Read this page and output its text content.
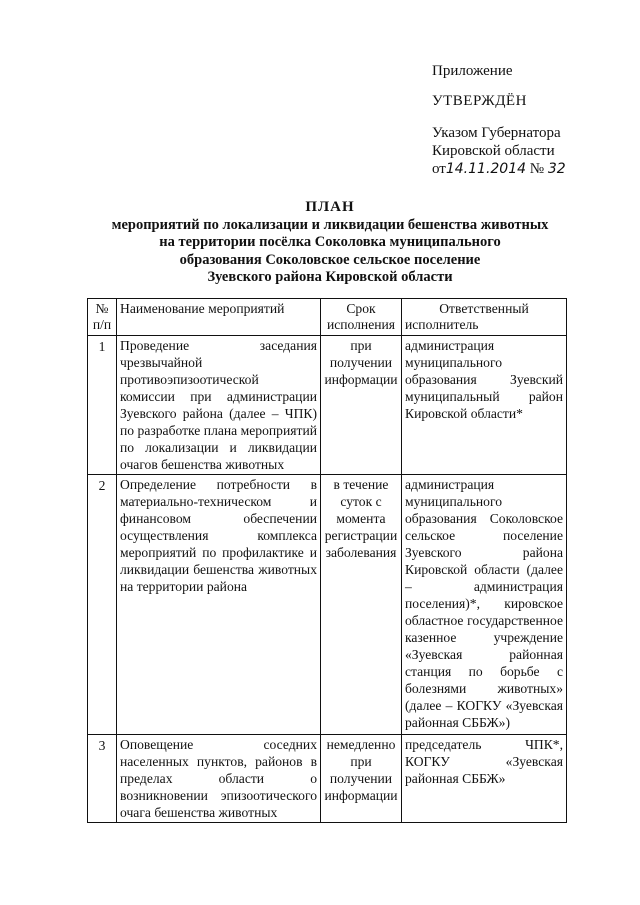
Приложение
УТВЕРЖДЁН
Указом Губернатора
Кировской области
от14.11.2014 № 32
ПЛАН
мероприятий по локализации и ликвидации бешенства животных
на территории посёлка Соколовка муниципального
образования Соколовское сельское поселение
Зуевского района Кировской области
№ п/п	Наименование мероприятий	Срок исполнения	Ответственный исполнитель
1	Проведение заседания чрезвычайной противоэпизоотической комиссии при администрации Зуевского района (далее – ЧПК) по разработке плана мероприятий по локализации и ликвидации очагов бешенства животных	при получении информации	администрация муниципального образования Зуевский муниципальный район Кировской области*
2	Определение потребности в материально-техническом и финансовом обеспечении осуществления комплекса мероприятий по профилактике и ликвидации бешенства животных на территории района	в течение суток с момента регистрации заболевания	администрация муниципального образования Соколовское сельское поселение Зуевского района Кировской области (далее – администрация поселения)*, кировское областное государственное казенное учреждение «Зуевская районная станция по борьбе с болезнями животных» (далее – КОГКУ «Зуевская районная СББЖ»)
3	Оповещение соседних населенных пунктов, районов в пределах области о возникновении эпизоотического очага бешенства животных	немедленно при получении информации	председатель ЧПК*, КОГКУ «Зуевская районная СББЖ»
